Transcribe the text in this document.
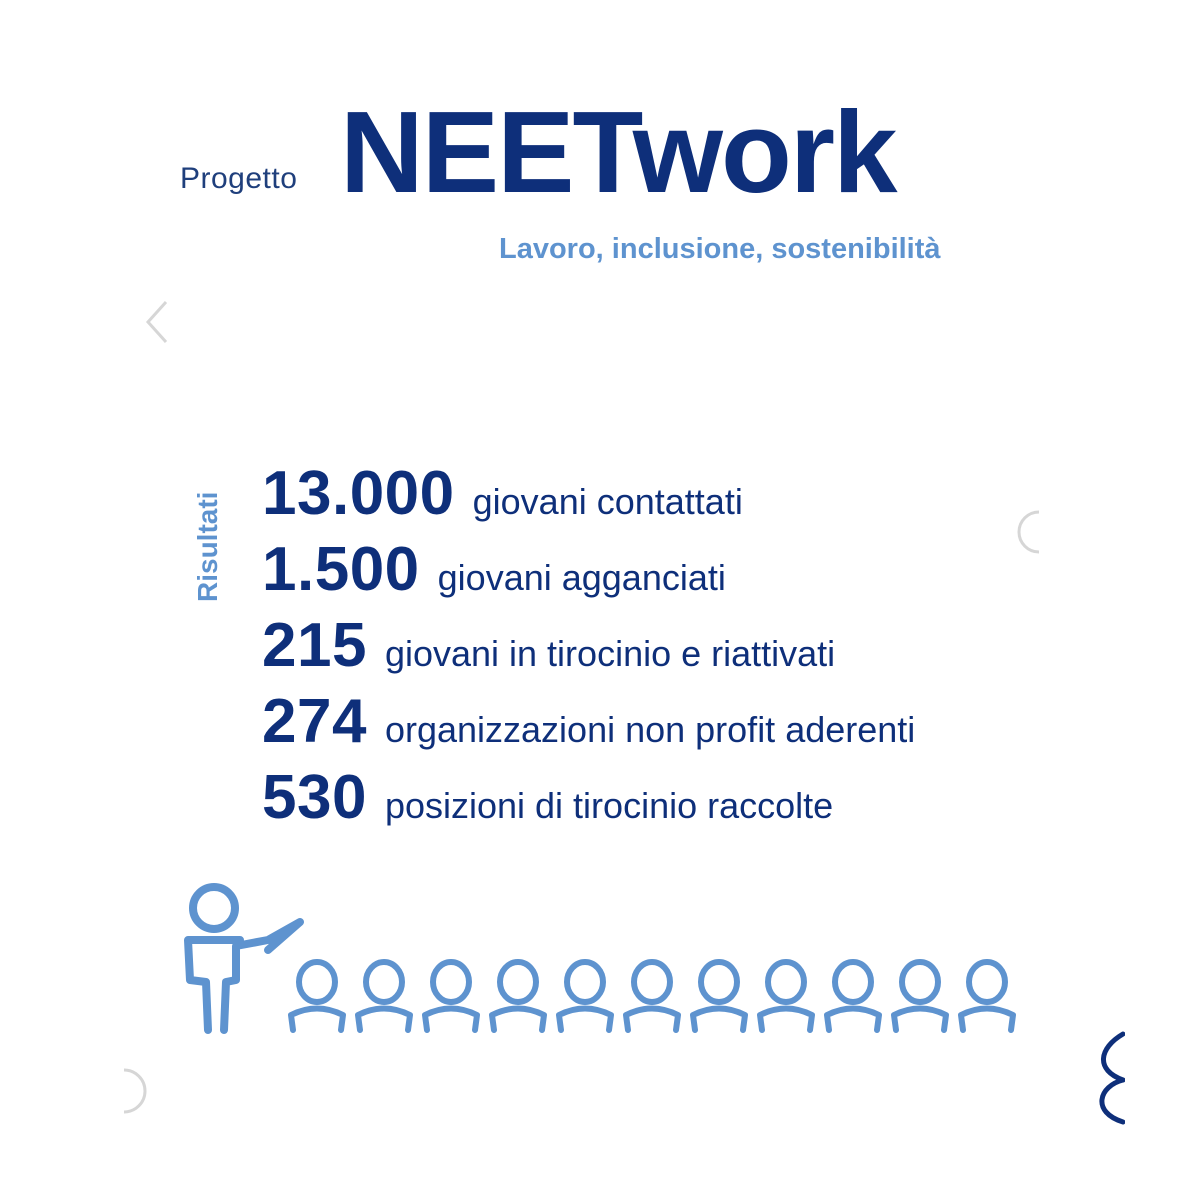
Progetto NEETwork
Lavoro, inclusione, sostenibilità
Risultati 13.000 giovani contattati
1.500 giovani agganciati
215 giovani in tirocinio e riattivati
274 organizzazioni non profit aderenti
530 posizioni di tirocinio raccolte
